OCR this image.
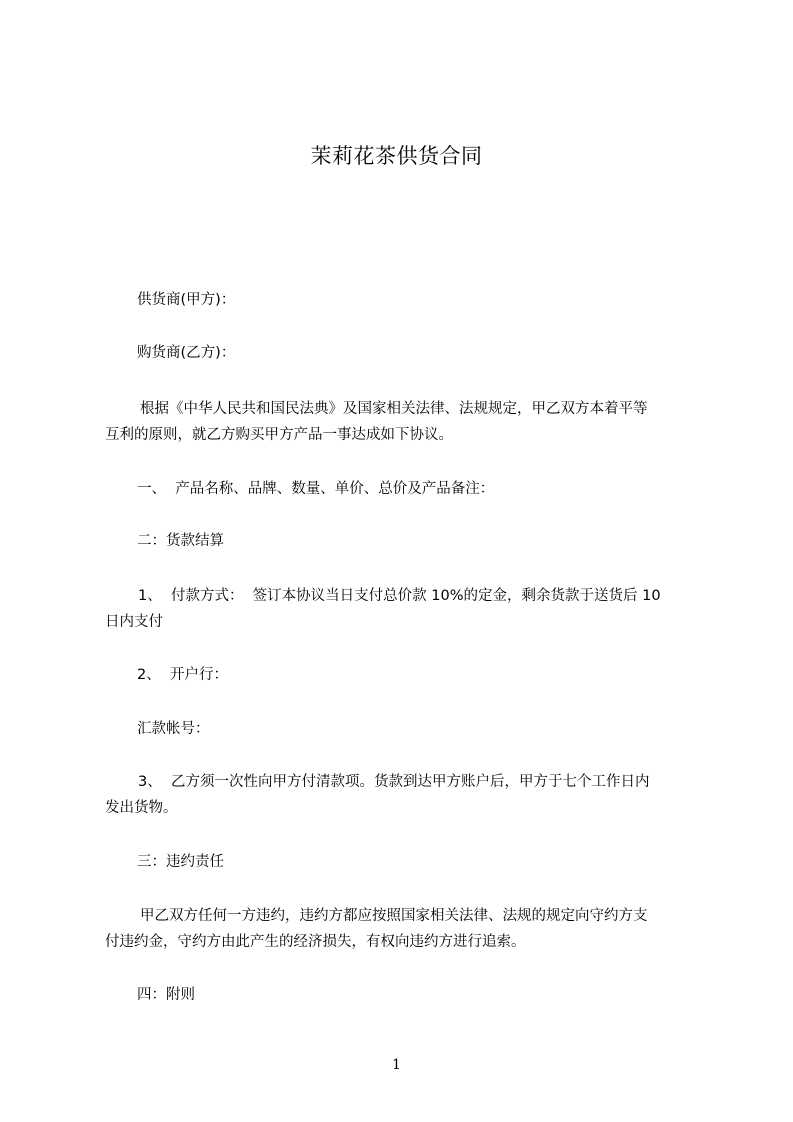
茉莉花茶供货合同
供货商(甲方)：
购货商(乙方)：
根据《中华人民共和国民法典》及国家相关法律、法规规定，甲乙双方本着平等
互利的原则，就乙方购买甲方产品一事达成如下协议。
一、  产品名称、品牌、数量、单价、总价及产品备注：
二：货款结算
1、  付款方式：  签订本协议当日支付总价款 10%的定金，剩余货款于送货后 10
日内支付
2、  开户行：
汇款帐号：
3、  乙方须一次性向甲方付清款项。货款到达甲方账户后，甲方于七个工作日内
发出货物。
三：违约责任
甲乙双方任何一方违约，违约方都应按照国家相关法律、法规的规定向守约方支
付违约金，守约方由此产生的经济损失，有权向违约方进行追索。
四：附则
1
